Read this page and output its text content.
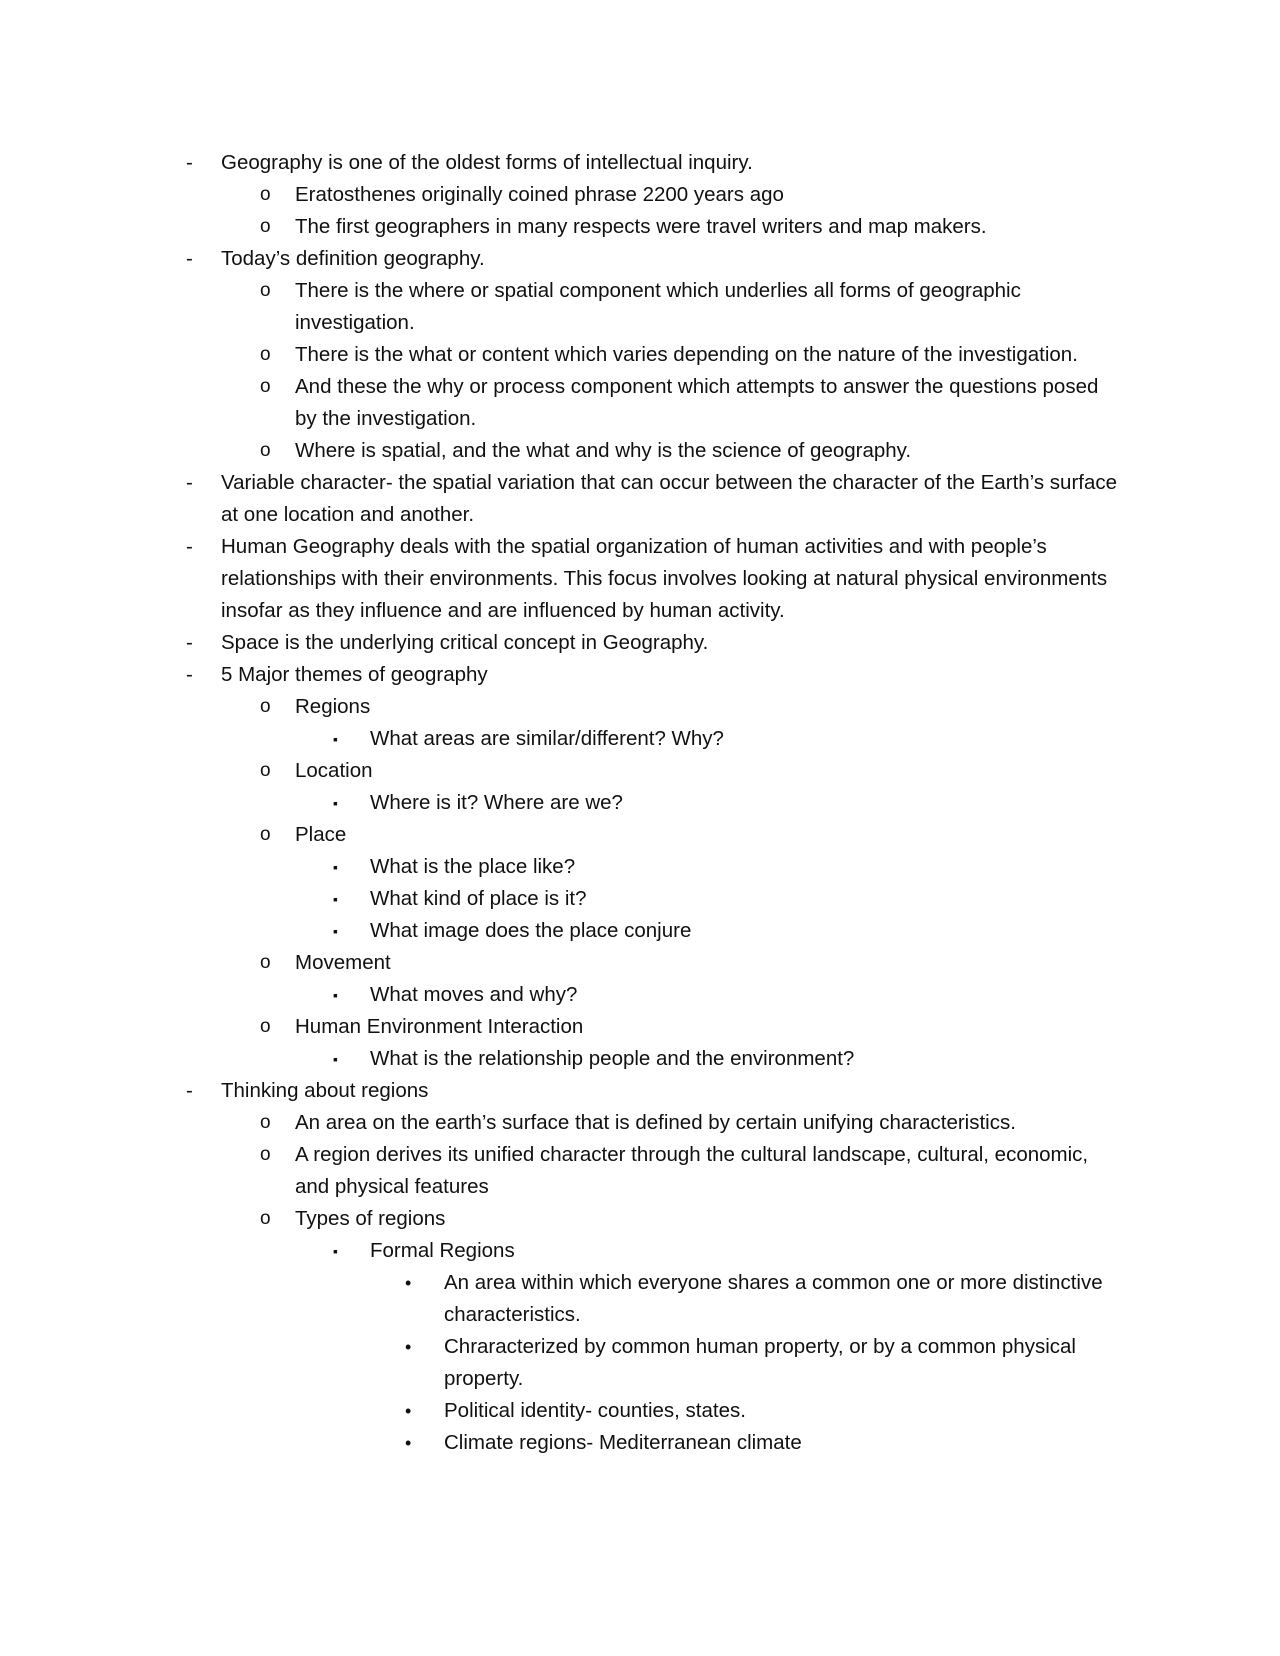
- Geography is one of the oldest forms of intellectual inquiry.
o Eratosthenes originally coined phrase 2200 years ago
o The first geographers in many respects were travel writers and map makers.
- Today’s definition geography.
o There is the where or spatial component which underlies all forms of geographic investigation.
o There is the what or content which varies depending on the nature of the investigation.
o And these the why or process component which attempts to answer the questions posed by the investigation.
o Where is spatial, and the what and why is the science of geography.
- Variable character- the spatial variation that can occur between the character of the Earth’s surface at one location and another.
- Human Geography deals with the spatial organization of human activities and with people’s relationships with their environments. This focus involves looking at natural physical environments insofar as they influence and are influenced by human activity.
- Space is the underlying critical concept in Geography.
- 5 Major themes of geography
o Regions
▪ What areas are similar/different? Why?
o Location
▪ Where is it? Where are we?
o Place
▪ What is the place like?
▪ What kind of place is it?
▪ What image does the place conjure
o Movement
▪ What moves and why?
o Human Environment Interaction
▪ What is the relationship people and the environment?
- Thinking about regions
o An area on the earth’s surface that is defined by certain unifying characteristics.
o A region derives its unified character through the cultural landscape, cultural, economic, and physical features
o Types of regions
▪ Formal Regions
• An area within which everyone shares a common one or more distinctive characteristics.
• Chraracterized by common human property, or by a common physical property.
• Political identity- counties, states.
• Climate regions- Mediterranean climate
